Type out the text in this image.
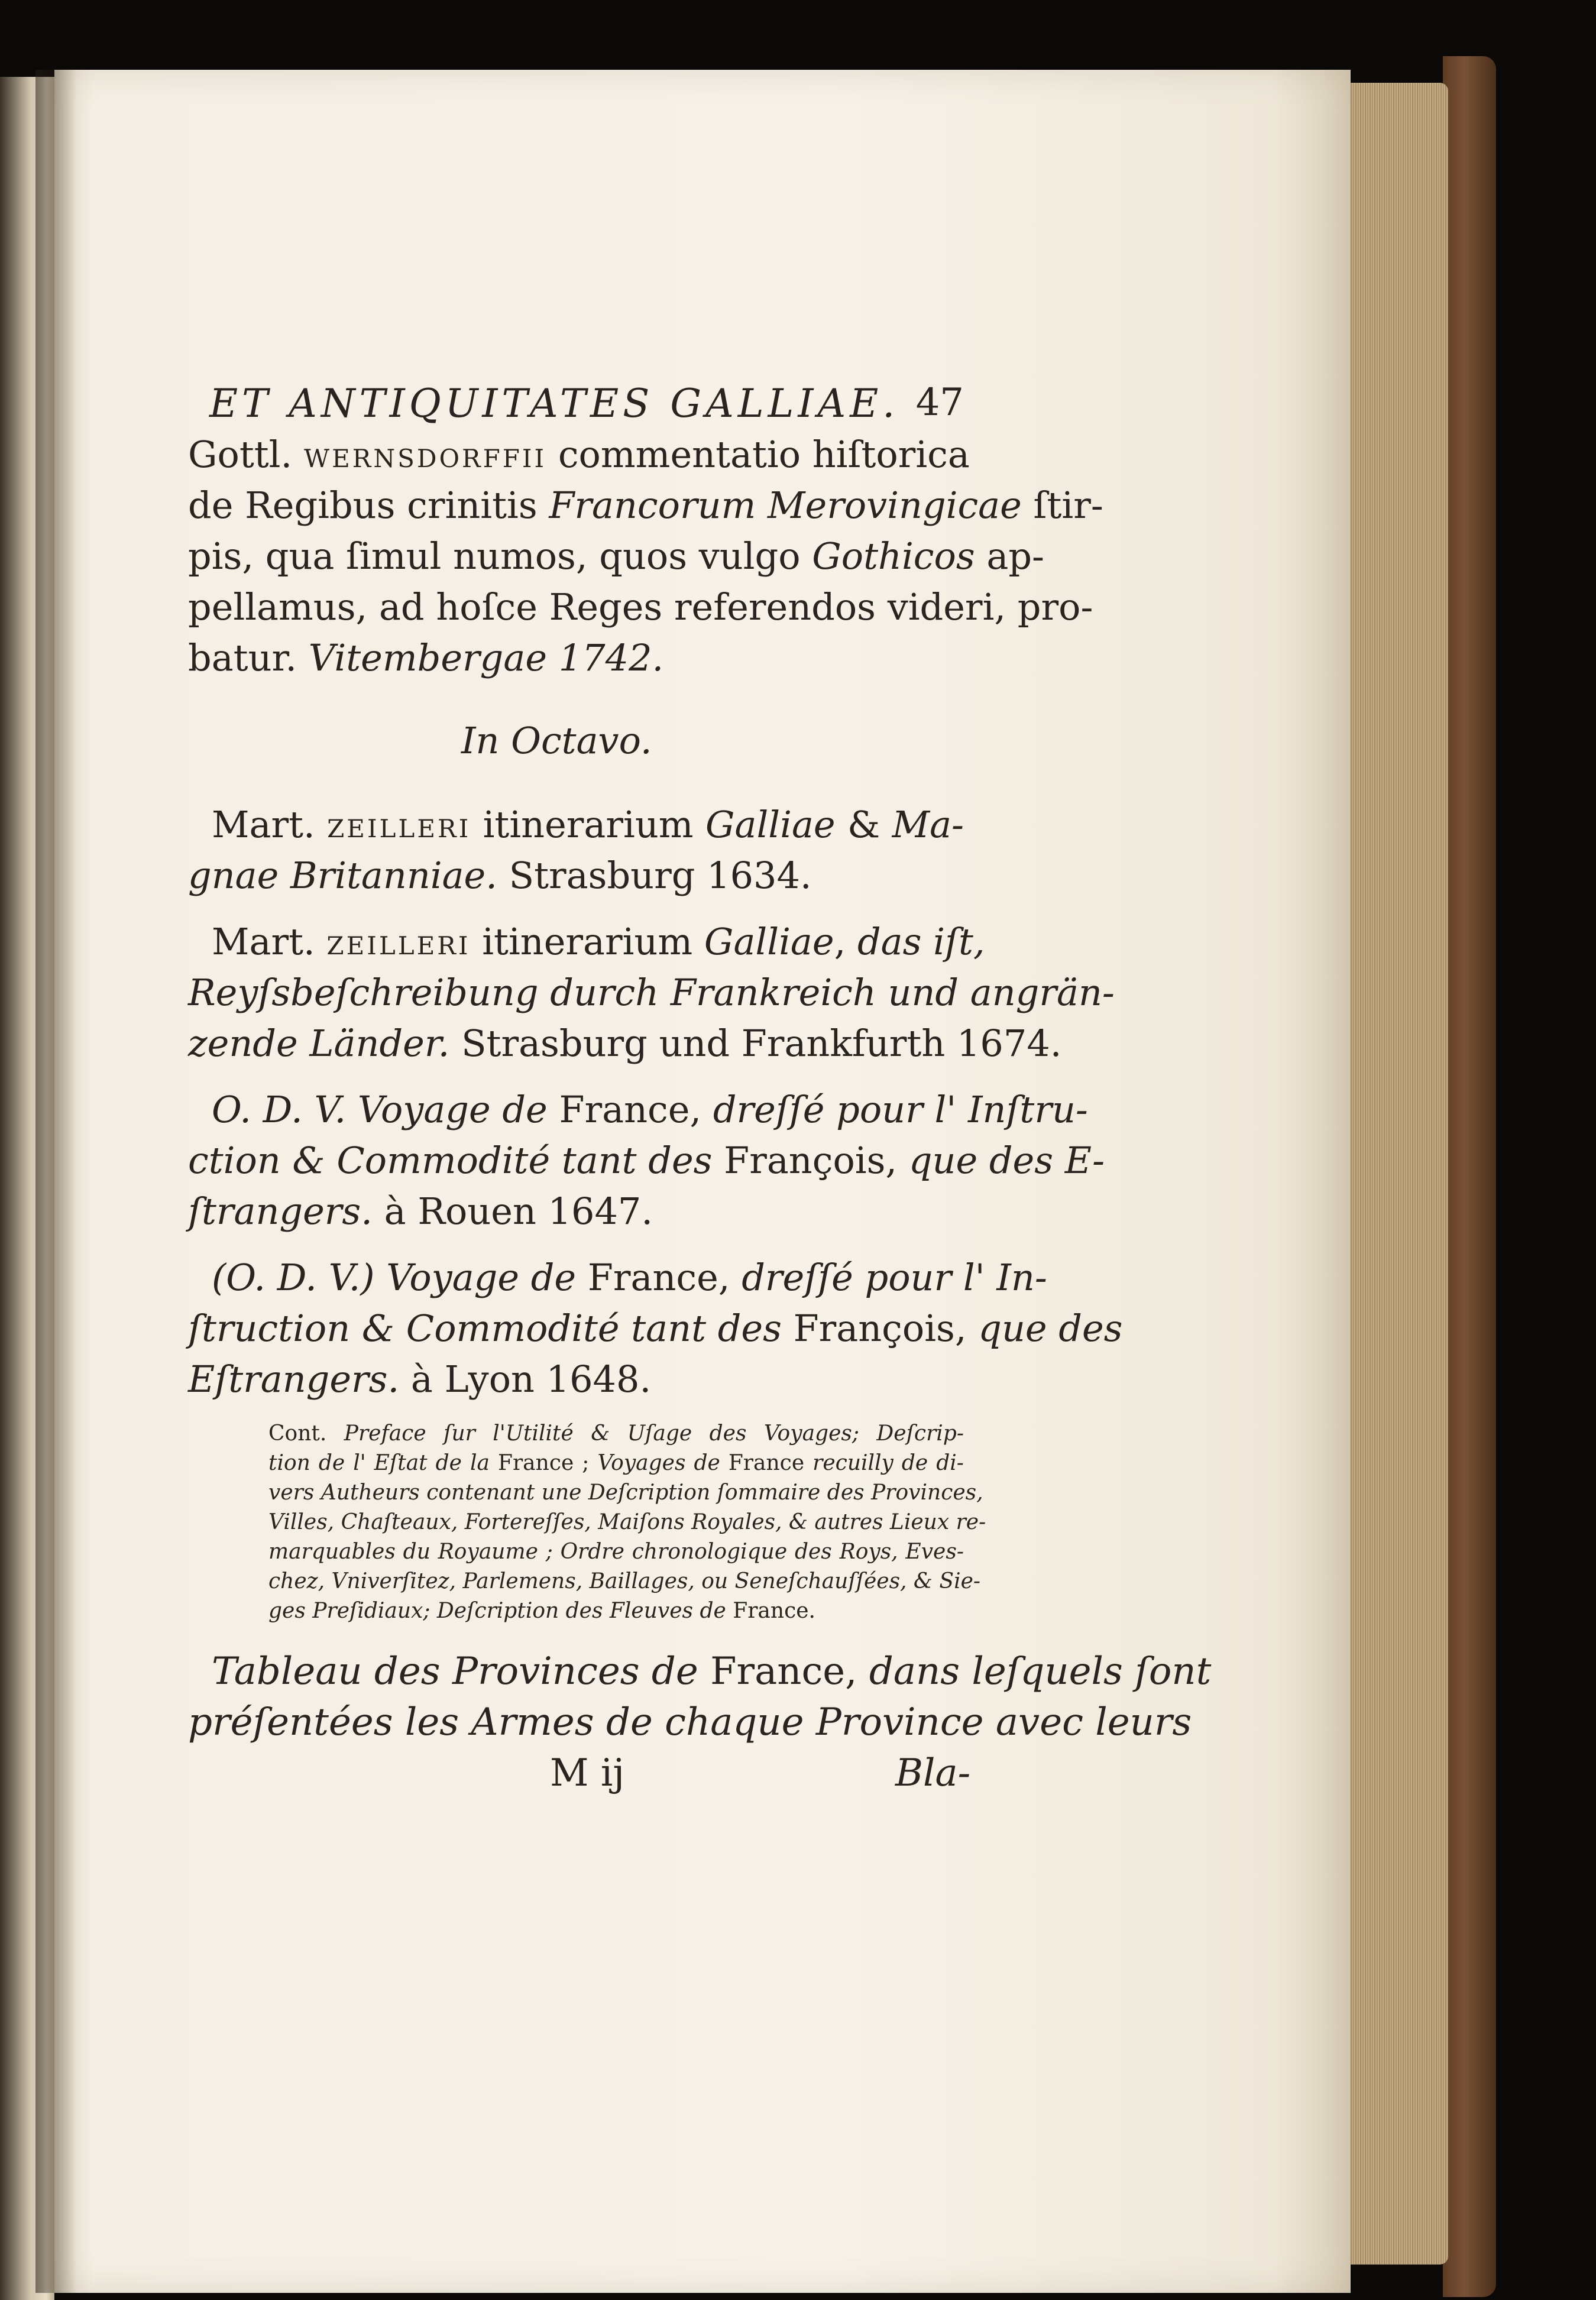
ET ANTIQUITATES GALLIAE. 47
Gottl. WERNSDORFFII commentatio hiſtorica
de Regibus crinitis Francorum Merovingicae ſtir-
pis, qua ſimul numos, quos vulgo Gothicos ap-
pellamus, ad hoſce Reges referendos videri, pro-
batur. Vitembergae 1742.
In Octavo.
Mart. ZEILLERI itinerarium Galliae & Ma-
gnae Britanniae. Strasburg 1634.
Mart. ZEILLERI itinerarium Galliae, das iſt,
Reyſsbeſchreibung durch Frankreich und angrän-
zende Länder. Strasburg und Frankfurth 1674.
O. D. V. Voyage de France, dreſſé pour l' Inſtru-
ction & Commodité tant des François, que des E-
ſtrangers. à Rouen 1647.
(O. D. V.) Voyage de France, dreſſé pour l' In-
ſtruction & Commodité tant des François, que des
Eſtrangers. à Lyon 1648.
Cont. Preface ſur l'Utilité & Uſage des Voyages; Deſcrip-
tion de l' Eſtat de la France ; Voyages de France recuilly de di-
vers Autheurs contenant une Deſcription ſommaire des Provinces,
Villes, Chaſteaux, Forterеſſes, Maiſons Royales, & autres Lieux re-
marquables du Royaume ; Ordre chronologique des Roys, Eves-
chez, Vniverſitez, Parlemens, Baillages, ou Seneſchauſſées, & Sie-
ges Preſidiaux; Deſcription des Fleuves de France.
Tableau des Provinces de France, dans leſquels ſont
préſentées les Armes de chaque Province avec leurs
M ij	Bla-
